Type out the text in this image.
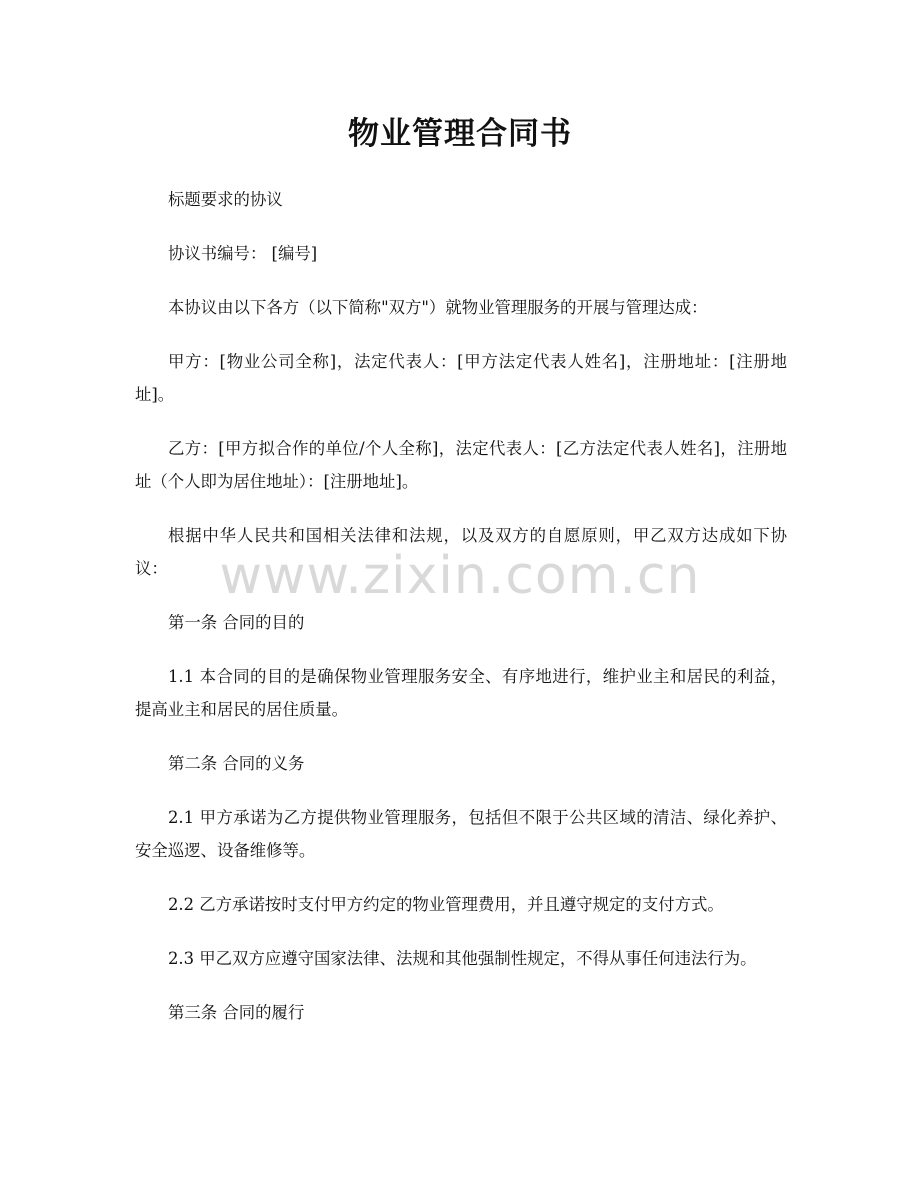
物业管理合同书

标题要求的协议

协议书编号： [编号]

本协议由以下各方（以下简称"双方"）就物业管理服务的开展与管理达成：

甲方：[物业公司全称]，法定代表人：[甲方法定代表人姓名]，注册地址：[注册地址]。

乙方：[甲方拟合作的单位/个人全称]，法定代表人：[乙方法定代表人姓名]，注册地址（个人即为居住地址）：[注册地址]。

根据中华人民共和国相关法律和法规，以及双方的自愿原则，甲乙双方达成如下协议：

第一条 合同的目的

1.1 本合同的目的是确保物业管理服务安全、有序地进行，维护业主和居民的利益，提高业主和居民的居住质量。

第二条 合同的义务

2.1 甲方承诺为乙方提供物业管理服务，包括但不限于公共区域的清洁、绿化养护、安全巡逻、设备维修等。

2.2 乙方承诺按时支付甲方约定的物业管理费用，并且遵守规定的支付方式。

2.3 甲乙双方应遵守国家法律、法规和其他强制性规定，不得从事任何违法行为。

第三条 合同的履行

www.zixin.com.cn
